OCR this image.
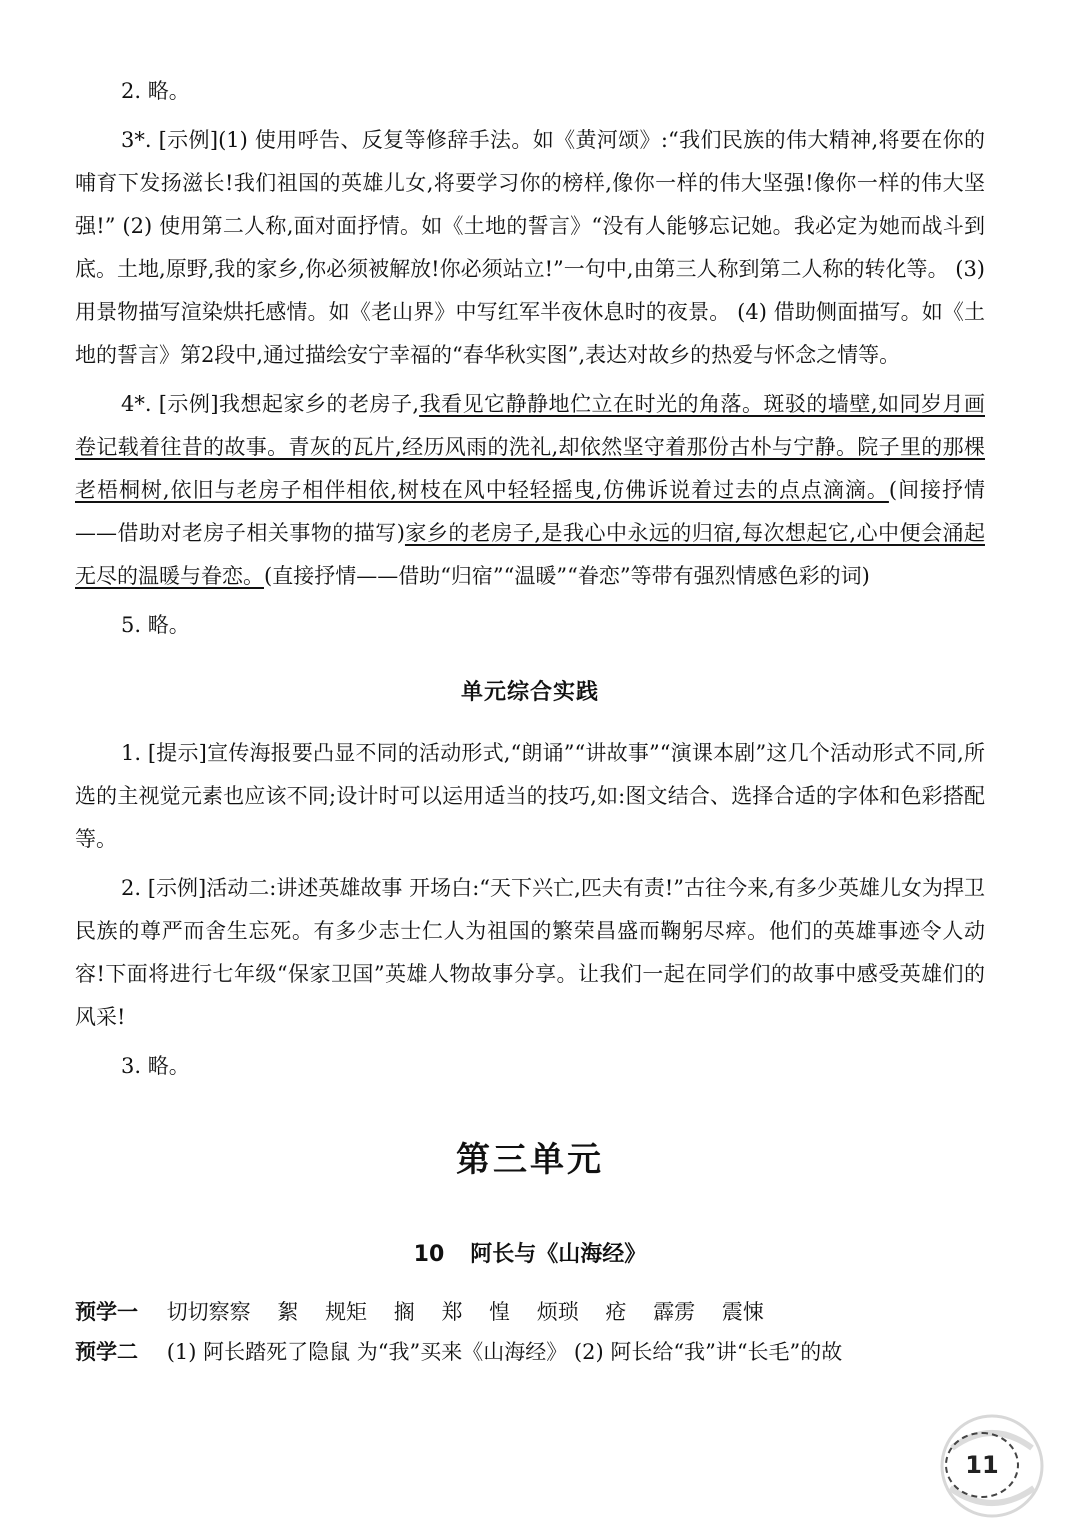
2. 略。

3*. [示例](1) 使用呼告、反复等修辞手法。如《黄河颂》:“我们民族的伟大精神,将要在你的哺育下发扬滋长!我们祖国的英雄儿女,将要学习你的榜样,像你一样的伟大坚强!像你一样的伟大坚强!” (2) 使用第二人称,面对面抒情。如《土地的誓言》“没有人能够忘记她。我必定为她而战斗到底。土地,原野,我的家乡,你必须被解放!你必须站立!”一句中,由第三人称到第二人称的转化等。 (3) 用景物描写渲染烘托感情。如《老山界》中写红军半夜休息时的夜景。 (4) 借助侧面描写。如《土地的誓言》第2段中,通过描绘安宁幸福的“春华秋实图”,表达对故乡的热爱与怀念之情等。

4*. [示例]我想起家乡的老房子,我看见它静静地伫立在时光的角落。斑驳的墙壁,如同岁月画卷记载着往昔的故事。青灰的瓦片,经历风雨的洗礼,却依然坚守着那份古朴与宁静。院子里的那棵老梧桐树,依旧与老房子相伴相依,树枝在风中轻轻摇曳,仿佛诉说着过去的点点滴滴。(间接抒情——借助对老房子相关事物的描写)家乡的老房子,是我心中永远的归宿,每次想起它,心中便会涌起无尽的温暖与眷恋。(直接抒情——借助“归宿”“温暖”“眷恋”等带有强烈情感色彩的词)

5. 略。

单元综合实践

1. [提示]宣传海报要凸显不同的活动形式,“朗诵”“讲故事”“演课本剧”这几个活动形式不同,所选的主视觉元素也应该不同;设计时可以运用适当的技巧,如:图文结合、选择合适的字体和色彩搭配等。

2. [示例]活动二:讲述英雄故事 开场白:“天下兴亡,匹夫有责!”古往今来,有多少英雄儿女为捍卫民族的尊严而舍生忘死。有多少志士仁人为祖国的繁荣昌盛而鞠躬尽瘁。他们的英雄事迹令人动容!下面将进行七年级“保家卫国”英雄人物故事分享。让我们一起在同学们的故事中感受英雄们的风采!

3. 略。

第三单元
10 阿长与《山海经》
预学一 切切察察 絮 规矩 搁 郑 惶 烦琐 疮 霹雳 震悚
预学二 (1) 阿长踏死了隐鼠 为“我”买来《山海经》 (2) 阿长给“我”讲“长毛”的故
11
